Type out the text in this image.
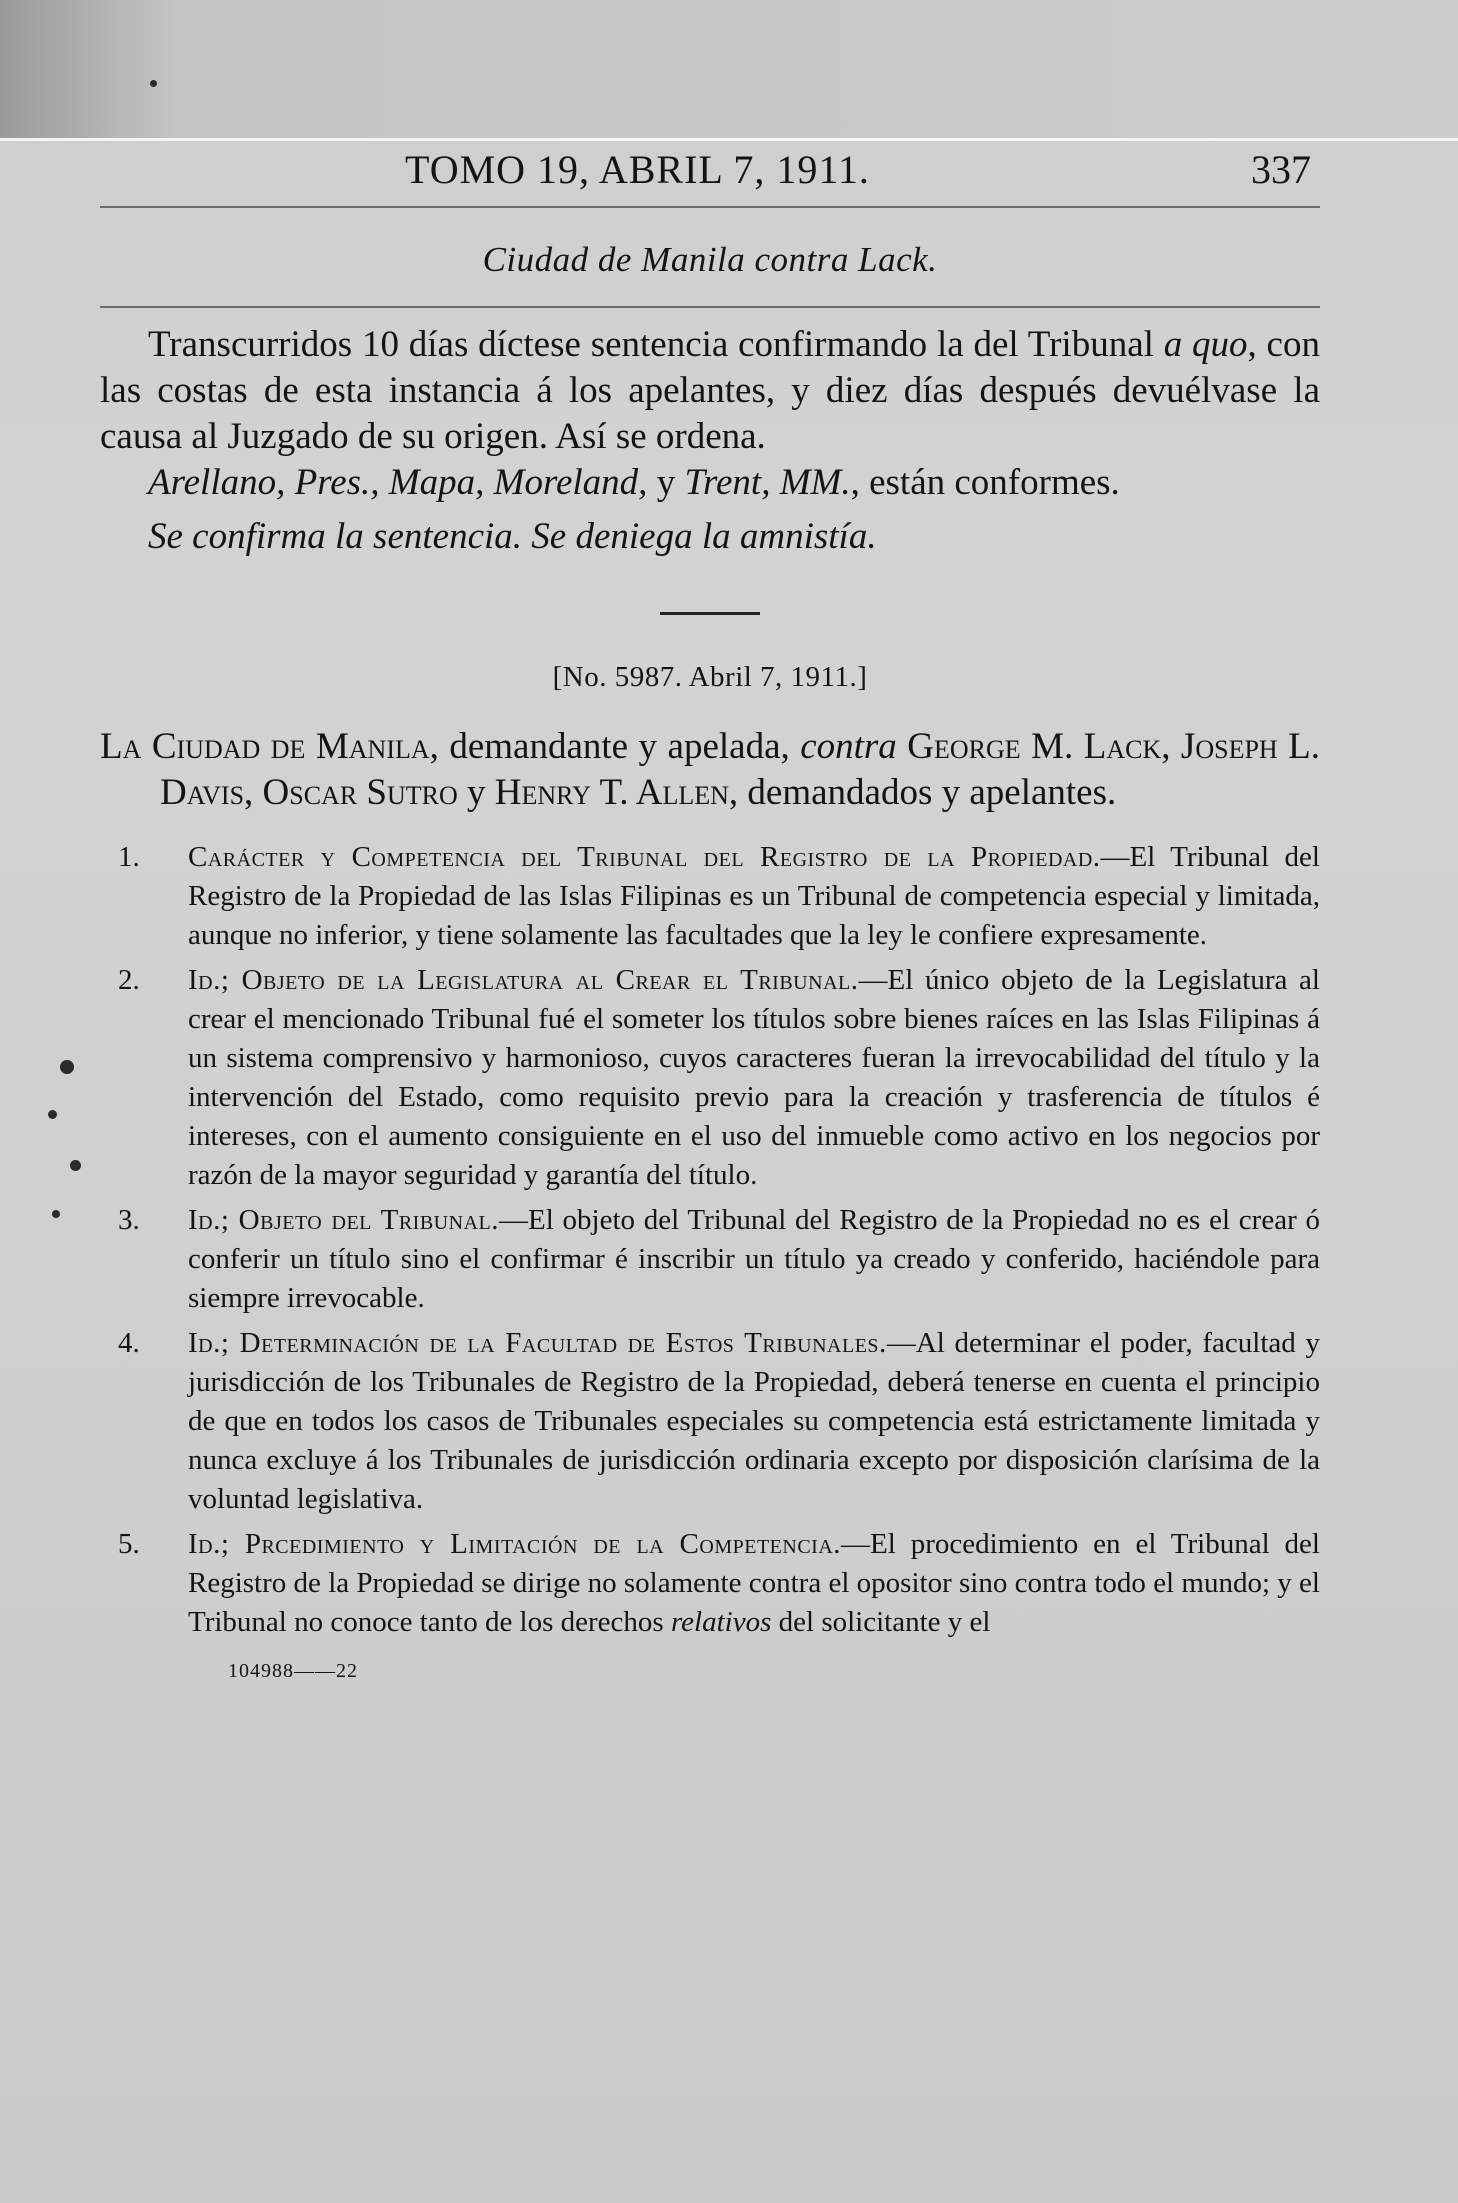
TOMO 19, ABRIL 7, 1911.	337
Ciudad de Manila contra Lack.

Transcurridos 10 días díctese sentencia confirmando la del Tribunal a quo, con las costas de esta instancia á los apelantes, y diez días después devuélvase la causa al Juzgado de su origen. Así se ordena.

Arellano, Pres., Mapa, Moreland, y Trent, MM., están conformes.

Se confirma la sentencia. Se deniega la amnistía.

[No. 5987. Abril 7, 1911.]
La Ciudad de Manila, demandante y apelada, contra George M. Lack, Joseph L. Davis, Oscar Sutro y Henry T. Allen, demandados y apelantes.
1. Carácter y Competencia del Tribunal del Registro de la Propiedad.—El Tribunal del Registro de la Propiedad de las Islas Filipinas es un Tribunal de competencia especial y limitada, aunque no inferior, y tiene solamente las facultades que la ley le confiere expresamente.
2. Id.; Objeto de la Legislatura al Crear el Tribunal.—El único objeto de la Legislatura al crear el mencionado Tribunal fué el someter los títulos sobre bienes raíces en las Islas Filipinas á un sistema comprensivo y harmonioso, cuyos caracteres fueran la irrevocabilidad del título y la intervención del Estado, como requisito previo para la creación y trasferencia de títulos é intereses, con el aumento consiguiente en el uso del inmueble como activo en los negocios por razón de la mayor seguridad y garantía del título.
3. Id.; Objeto del Tribunal.—El objeto del Tribunal del Registro de la Propiedad no es el crear ó conferir un título sino el confirmar é inscribir un título ya creado y conferido, haciéndole para siempre irrevocable.
4. Id.; Determinación de la Facultad de Estos Tribunales.—Al determinar el poder, facultad y jurisdicción de los Tribunales de Registro de la Propiedad, deberá tenerse en cuenta el principio de que en todos los casos de Tribunales especiales su competencia está estrictamente limitada y nunca excluye á los Tribunales de jurisdicción ordinaria excepto por disposición clarísima de la voluntad legislativa.
5. Id.; Prcedimiento y Limitación de la Competencia.—El procedimiento en el Tribunal del Registro de la Propiedad se dirige no solamente contra el opositor sino contra todo el mundo; y el Tribunal no conoce tanto de los derechos relativos del solicitante y el
104988——22
